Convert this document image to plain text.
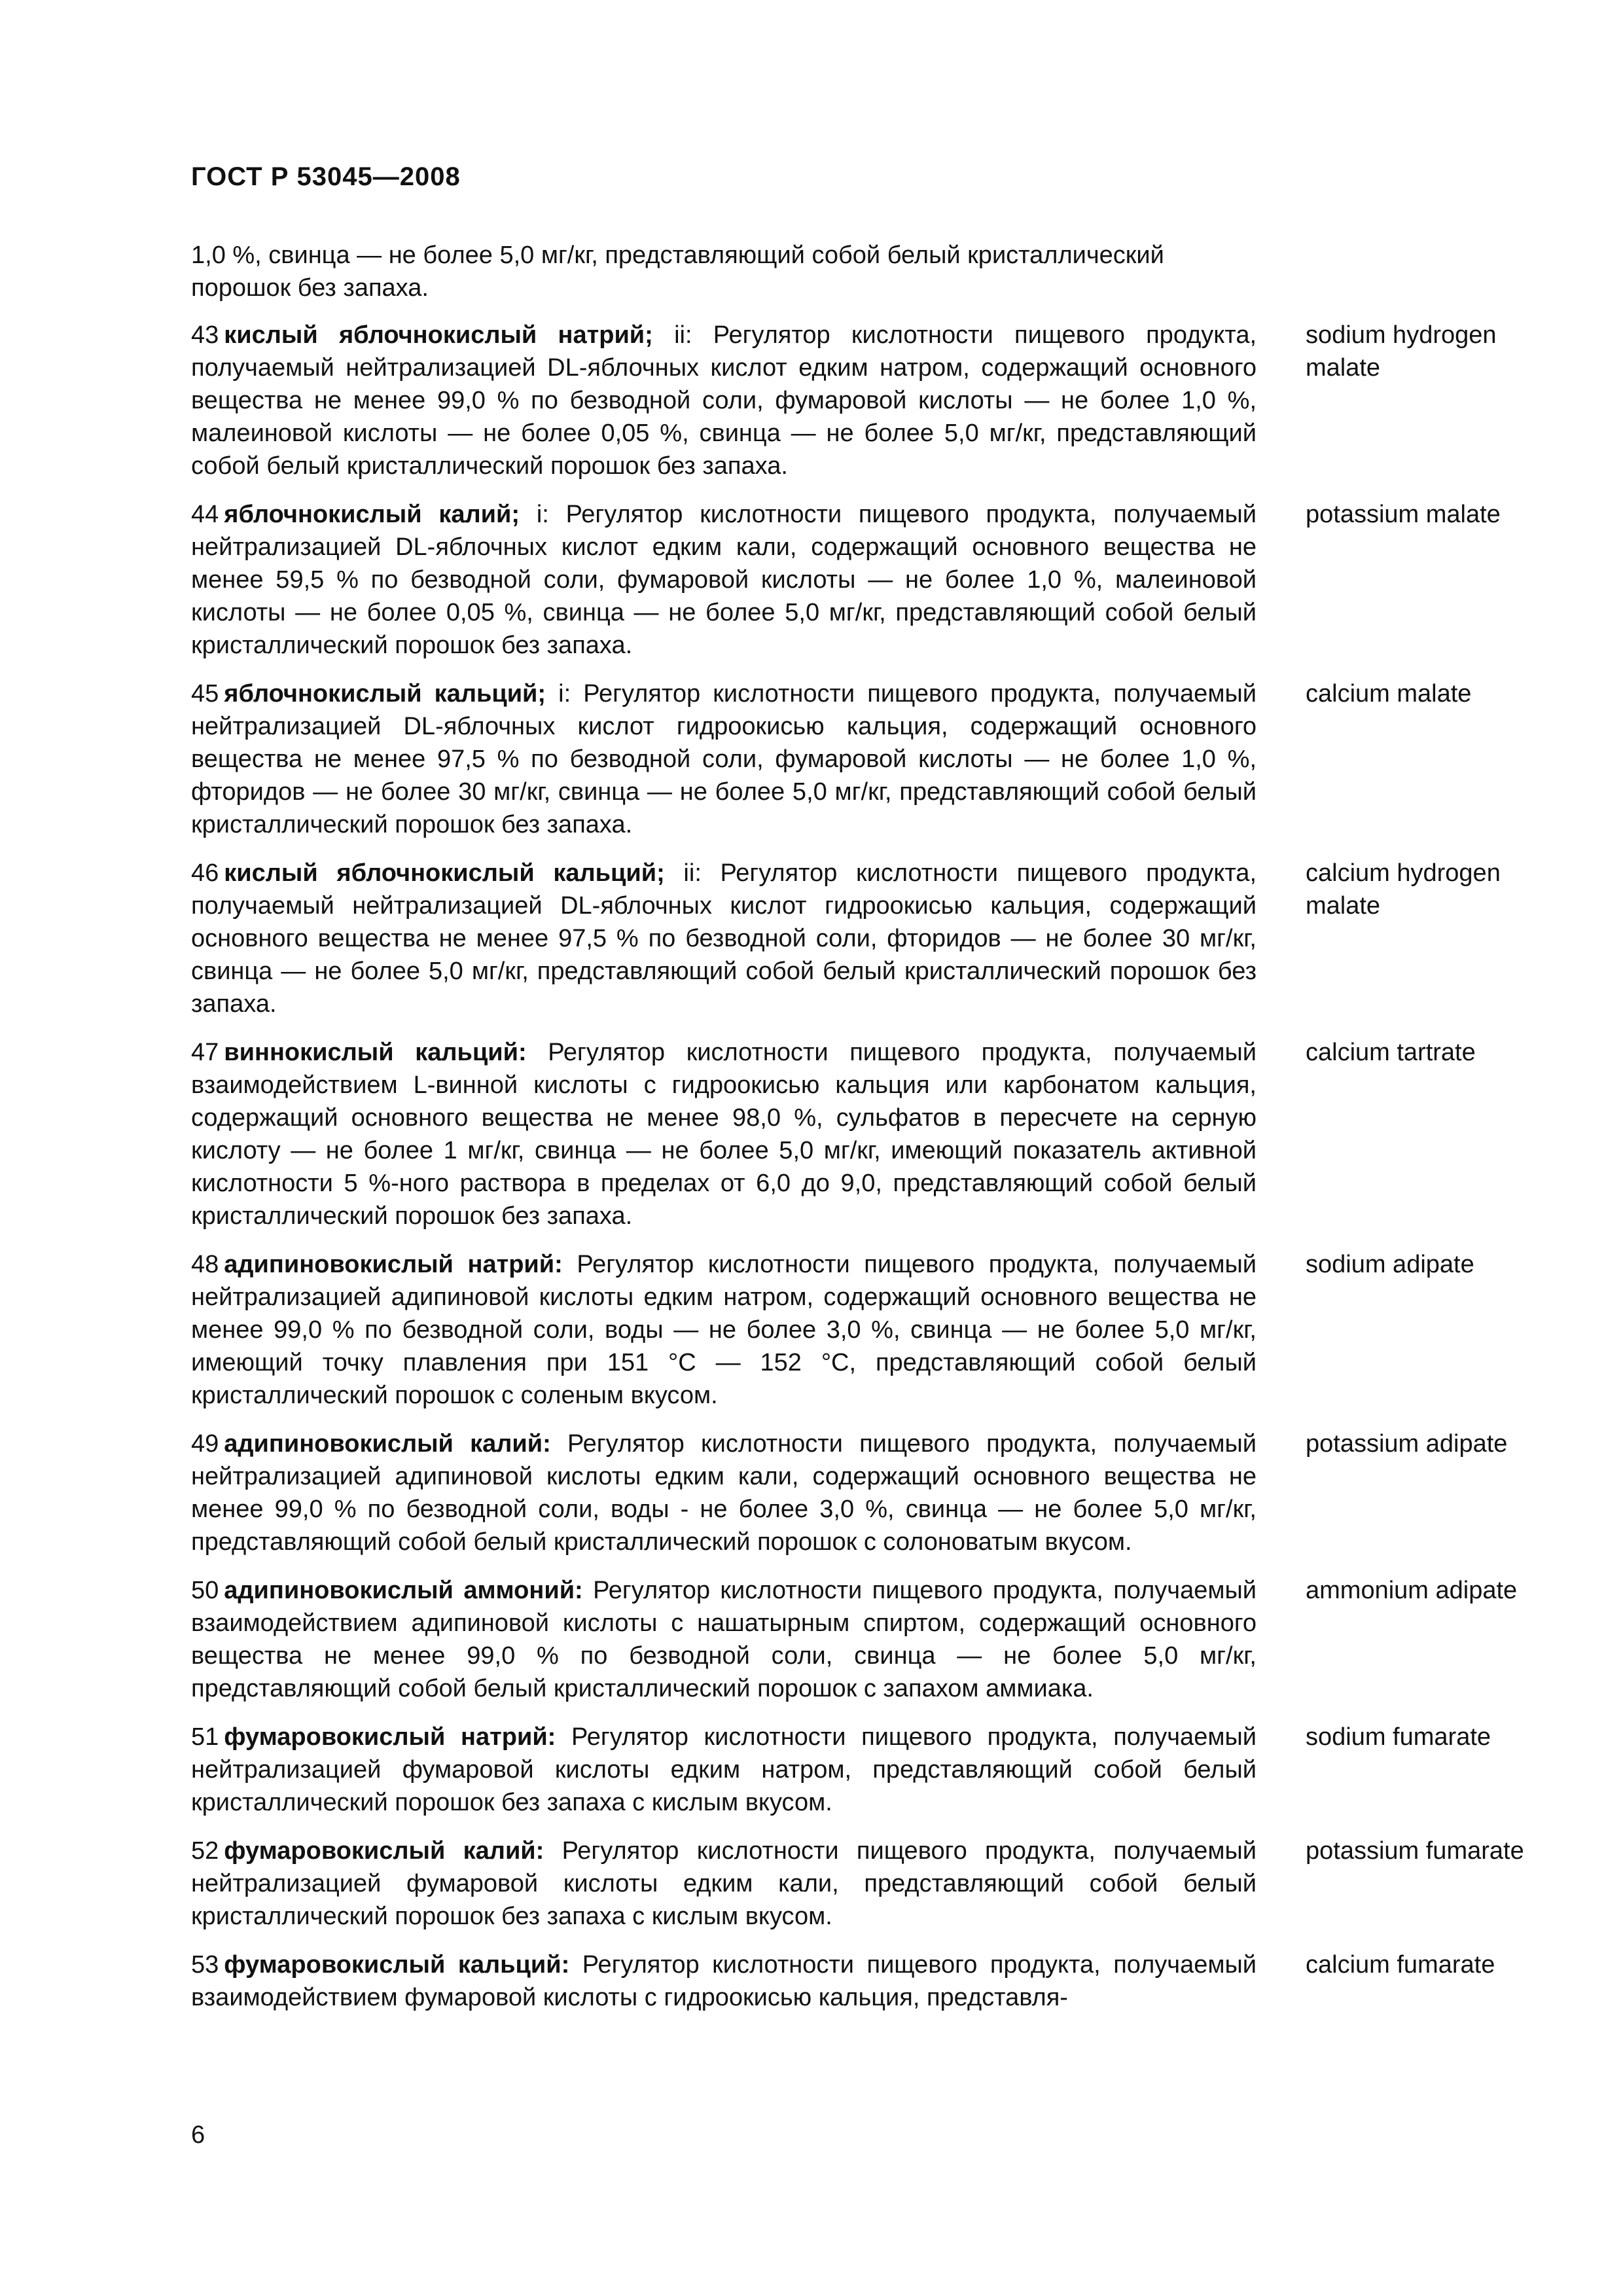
ГОСТ Р 53045—2008
1,0 %, свинца — не более 5,0 мг/кг, представляющий собой белый кристаллический порошок без запаха.
43 кислый яблочнокислый натрий; ii: Регулятор кислотности пищевого продукта, получаемый нейтрализацией DL-яблочных кислот едким натром, содержащий основного вещества не менее 99,0 % по безводной соли, фумаровой кислоты — не более 1,0 %, малеиновой кислоты — не более 0,05 %, свинца — не более 5,0 мг/кг, представляющий собой белый кристаллический порошок без запаха.
sodium hydrogen malate
44 яблочнокислый калий; i: Регулятор кислотности пищевого продукта, получаемый нейтрализацией DL-яблочных кислот едким кали, содержащий основного вещества не менее 59,5 % по безводной соли, фумаровой кислоты — не более 1,0 %, малеиновой кислоты — не более 0,05 %, свинца — не более 5,0 мг/кг, представляющий собой белый кристаллический порошок без запаха.
potassium malate
45 яблочнокислый кальций; i: Регулятор кислотности пищевого продукта, получаемый нейтрализацией DL-яблочных кислот гидроокисью кальция, содержащий основного вещества не менее 97,5 % по безводной соли, фумаровой кислоты — не более 1,0 %, фторидов — не более 30 мг/кг, свинца — не более 5,0 мг/кг, представляющий собой белый кристаллический порошок без запаха.
calcium malate
46 кислый яблочнокислый кальций; ii: Регулятор кислотности пищевого продукта, получаемый нейтрализацией DL-яблочных кислот гидроокисью кальция, содержащий основного вещества не менее 97,5 % по безводной соли, фторидов — не более 30 мг/кг, свинца — не более 5,0 мг/кг, представляющий собой белый кристаллический порошок без запаха.
calcium hydrogen malate
47 виннокислый кальций: Регулятор кислотности пищевого продукта, получаемый взаимодействием L-винной кислоты с гидроокисью кальция или карбонатом кальция, содержащий основного вещества не менее 98,0 %, сульфатов в пересчете на серную кислоту — не более 1 мг/кг, свинца — не более 5,0 мг/кг, имеющий показатель активной кислотности 5 %-ного раствора в пределах от 6,0 до 9,0, представляющий собой белый кристаллический порошок без запаха.
calcium tartrate
48 адипиновокислый натрий: Регулятор кислотности пищевого продукта, получаемый нейтрализацией адипиновой кислоты едким натром, содержащий основного вещества не менее 99,0 % по безводной соли, воды — не более 3,0 %, свинца — не более 5,0 мг/кг, имеющий точку плавления при 151 °С — 152 °С, представляющий собой белый кристаллический порошок с соленым вкусом.
sodium adipate
49 адипиновокислый калий: Регулятор кислотности пищевого продукта, получаемый нейтрализацией адипиновой кислоты едким кали, содержащий основного вещества не менее 99,0 % по безводной соли, воды - не более 3,0 %, свинца — не более 5,0 мг/кг, представляющий собой белый кристаллический порошок с солоноватым вкусом.
potassium adipate
50 адипиновокислый аммоний: Регулятор кислотности пищевого продукта, получаемый взаимодействием адипиновой кислоты с нашатырным спиртом, содержащий основного вещества не менее 99,0 % по безводной соли, свинца — не более 5,0 мг/кг, представляющий собой белый кристаллический порошок с запахом аммиака.
ammonium adipate
51 фумаровокислый натрий: Регулятор кислотности пищевого продукта, получаемый нейтрализацией фумаровой кислоты едким натром, представляющий собой белый кристаллический порошок без запаха с кислым вкусом.
sodium fumarate
52 фумаровокислый калий: Регулятор кислотности пищевого продукта, получаемый нейтрализацией фумаровой кислоты едким кали, представляющий собой белый кристаллический порошок без запаха с кислым вкусом.
potassium fumarate
53 фумаровокислый кальций: Регулятор кислотности пищевого продукта, получаемый взаимодействием фумаровой кислоты с гидроокисью кальция, представля-
calcium fumarate
6
